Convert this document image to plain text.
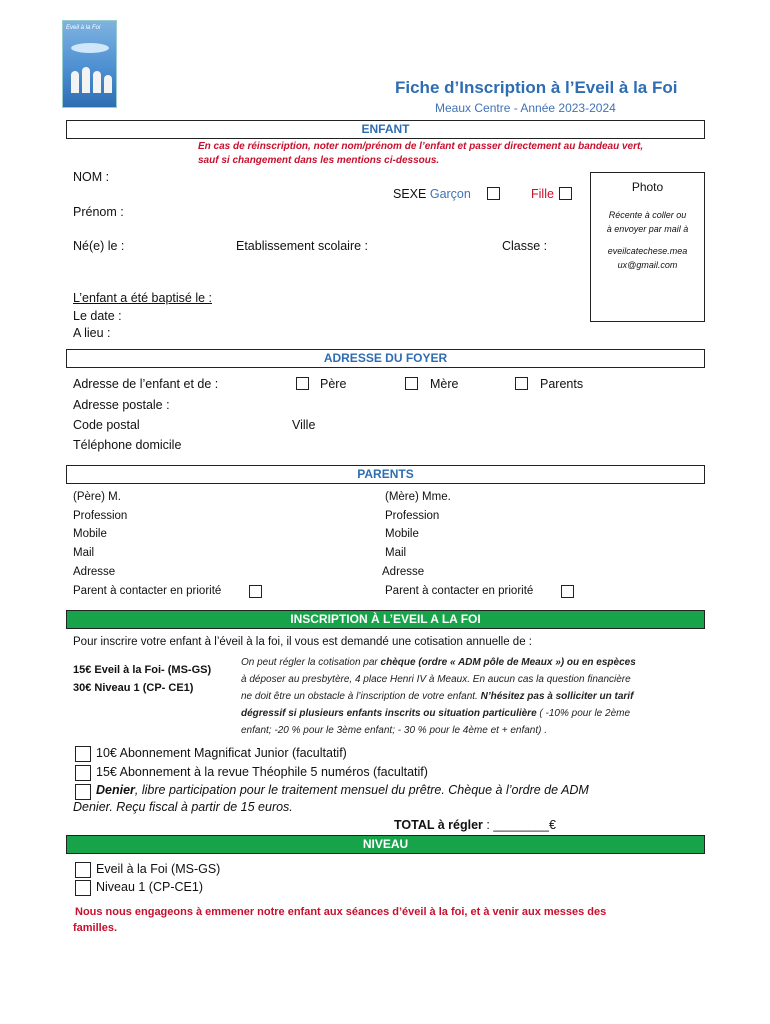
Eveil à la Foi
Fiche d’Inscription à l’Eveil à la Foi
Meaux Centre - Année 2023-2024
ENFANT
En cas de réinscription, noter nom/prénom de l’enfant et passer directement au bandeau vert,
sauf si changement dans les mentions ci-dessous.
NOM :
SEXE Garçon	Fille
Prénom :
Né(e) le :	Etablissement scolaire :	Classe :
Photo
Récente à coller ou
à envoyer par mail à
eveilcatechese.mea
ux@gmail.com
L’enfant a été baptisé le :
Le date :
A lieu :
ADRESSE DU FOYER
Adresse de l’enfant et de :	Père	Mère	Parents
Adresse postale :
Code postal	Ville
Téléphone domicile
PARENTS
(Père) M.
Profession
Mobile
Mail
Adresse
Parent à contacter en priorité
(Mère) Mme.
Profession
Mobile
Mail
Adresse
Parent à contacter en priorité
INSCRIPTION À L’EVEIL A LA FOI
Pour inscrire votre enfant à l’éveil à la foi, il vous est demandé une cotisation annuelle de :
15€ Eveil à la Foi- (MS-GS)
30€ Niveau 1 (CP- CE1)
On peut régler la cotisation par chèque (ordre « ADM pôle de Meaux ») ou en espèces
à déposer au presbytère, 4 place Henri IV à Meaux. En aucun cas la question financière
ne doit être un obstacle à l’inscription de votre enfant. N’hésitez pas à solliciter un tarif
dégressif si plusieurs enfants inscrits ou situation particulière ( -10% pour le 2ème
enfant; -20 % pour le 3ème enfant; - 30 % pour le 4ème et + enfant) .
10€ Abonnement Magnificat Junior (facultatif)
15€ Abonnement à la revue Théophile 5 numéros (facultatif)
Denier, libre participation pour le traitement mensuel du prêtre. Chèque à l’ordre de ADM
Denier. Reçu fiscal à partir de 15 euros.
TOTAL à régler : ________€
NIVEAU
Eveil à la Foi (MS-GS)
Niveau 1 (CP-CE1)
Nous nous engageons à emmener notre enfant aux séances d’éveil à la foi, et à venir aux messes des
familles.
